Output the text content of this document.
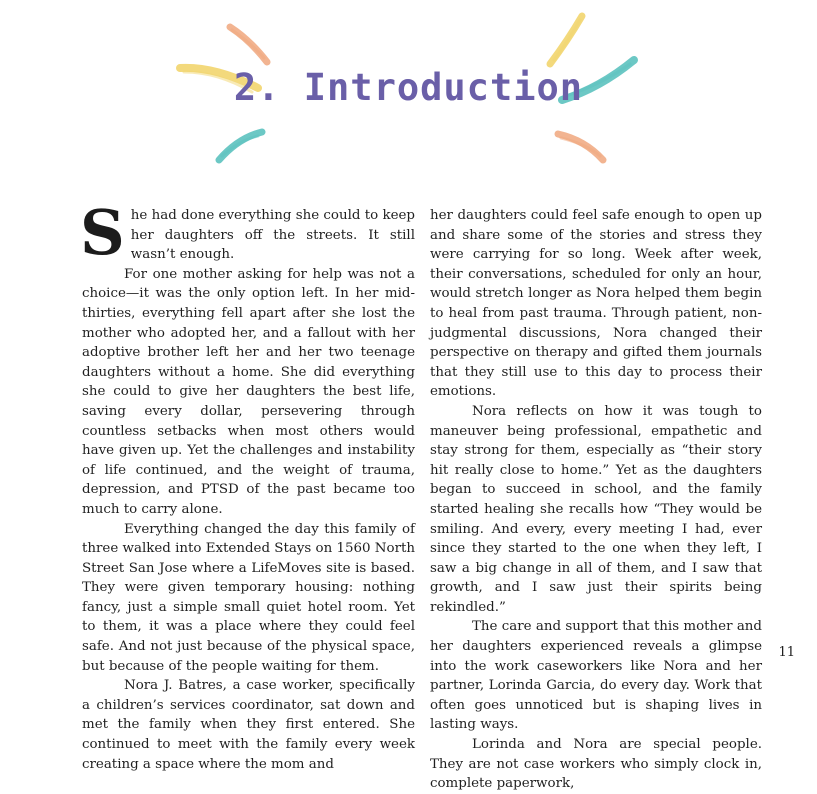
2. Introduction

She had done everything she could to keep her daughters off the streets. It still wasn’t enough.

For one mother asking for help was not a choice—it was the only option left. In her mid-thirties, everything fell apart after she lost the mother who adopted her, and a fallout with her adoptive brother left her and her two teenage daughters without a home. She did everything she could to give her daughters the best life, saving every dollar, persevering through countless setbacks when most others would have given up. Yet the challenges and instability of life continued, and the weight of trauma, depression, and PTSD of the past became too much to carry alone.

Everything changed the day this family of three walked into Extended Stays on 1560 North Street San Jose where a LifeMoves site is based. They were given temporary housing: nothing fancy, just a simple small quiet hotel room. Yet to them, it was a place where they could feel safe. And not just because of the physical space, but because of the people waiting for them.

Nora J. Batres, a case worker, specifically a children’s services coordinator, sat down and met the family when they first entered. She continued to meet with the family every week creating a space where the mom and

her daughters could feel safe enough to open up and share some of the stories and stress they were carrying for so long. Week after week, their conversations, scheduled for only an hour, would stretch longer as Nora helped them begin to heal from past trauma. Through patient, non-judgmental discussions, Nora changed their perspective on therapy and gifted them journals that they still use to this day to process their emotions.

Nora reflects on how it was tough to maneuver being professional, empathetic and stay strong for them, especially as “their story hit really close to home.” Yet as the daughters began to succeed in school, and the family started healing she recalls how “They would be smiling. And every, every meeting I had, ever since they started to the one when they left, I saw a big change in all of them, and I saw that growth, and I saw just their spirits being rekindled.”

The care and support that this mother and her daughters experienced reveals a glimpse into the work caseworkers like Nora and her partner, Lorinda Garcia, do every day. Work that often goes unnoticed but is shaping lives in lasting ways.

Lorinda and Nora are special people. They are not case workers who simply clock in, complete paperwork,

11
